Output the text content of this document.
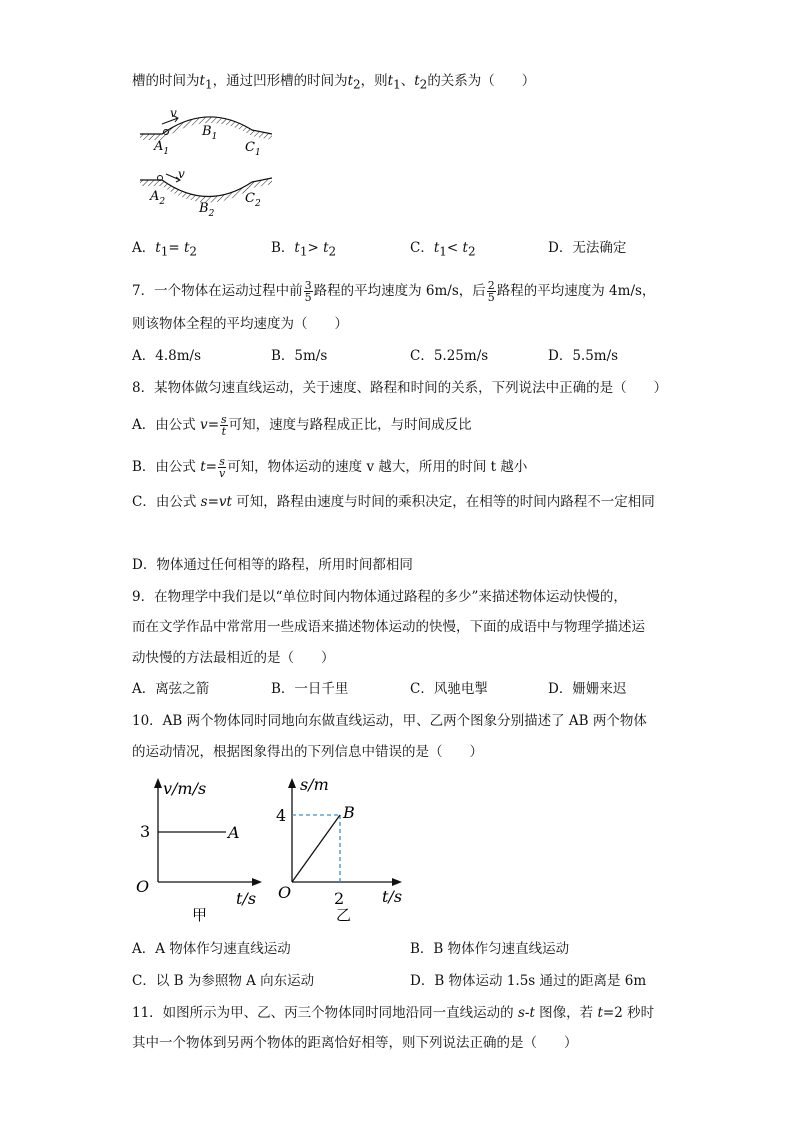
槽的时间为$t_1$，通过凹形槽的时间为$t_2$，则$t_1$、$t_2$的关系为（　　）
v
$A_1$
$B_1$
$C_1$
v
$A_2$	$B_2$
$C_2$
A．$t_1= t_2$	B．$t_1> t_2$	C．$t_1< t_2$	D．无法确定
7．一个物体在运动过程中前 $\frac{3}{5}$ 路程的平均速度为 6m/s，后 $\frac{2}{5}$ 路程的平均速度为 4m/s，
则该物体全程的平均速度为（　　）
A．4.8m/s	B．5m/s	C．5.25m/s	D．5.5m/s
8．某物体做匀速直线运动，关于速度、路程和时间的关系，下列说法中正确的是（　　）
A．由公式 $v= \frac{s}{t}$ 可知，速度与路程成正比，与时间成反比
B．由公式 $t= \frac{s}{v}$ 可知，物体运动的速度 v 越大，所用的时间 t 越小
C．由公式 s=vt 可知，路程由速度与时间的乘积决定，在相等的时间内路程不一定相同
D．物体通过任何相等的路程，所用时间都相同
9．在物理学中我们是以“单位时间内物体通过路程的多少”来描述物体运动快慢的，
而在文学作品中常常用一些成语来描述物体运动的快慢，下面的成语中与物理学描述运
动快慢的方法最相近的是（　　）
A．离弦之箭	B．一日千里	C．风驰电掣	D．姗姗来迟
10．AB 两个物体同时同地向东做直线运动，甲、乙两个图象分别描述了 AB 两个物体
的运动情况，根据图象得出的下列信息中错误的是（　　）
v/m/s
O
t/s
3	A
甲
s/m
O	t/s
4
2
B
乙
A．A 物体作匀速直线运动	B．B 物体作匀速直线运动
C．以 B 为参照物 A 向东运动	D．B 物体运动 1.5s 通过的距离是 6m
11．如图所示为甲、乙、丙三个物体同时同地沿同一直线运动的 s-t 图像，若 t=2 秒时
其中一个物体到另两个物体的距离恰好相等，则下列说法正确的是（　　）
